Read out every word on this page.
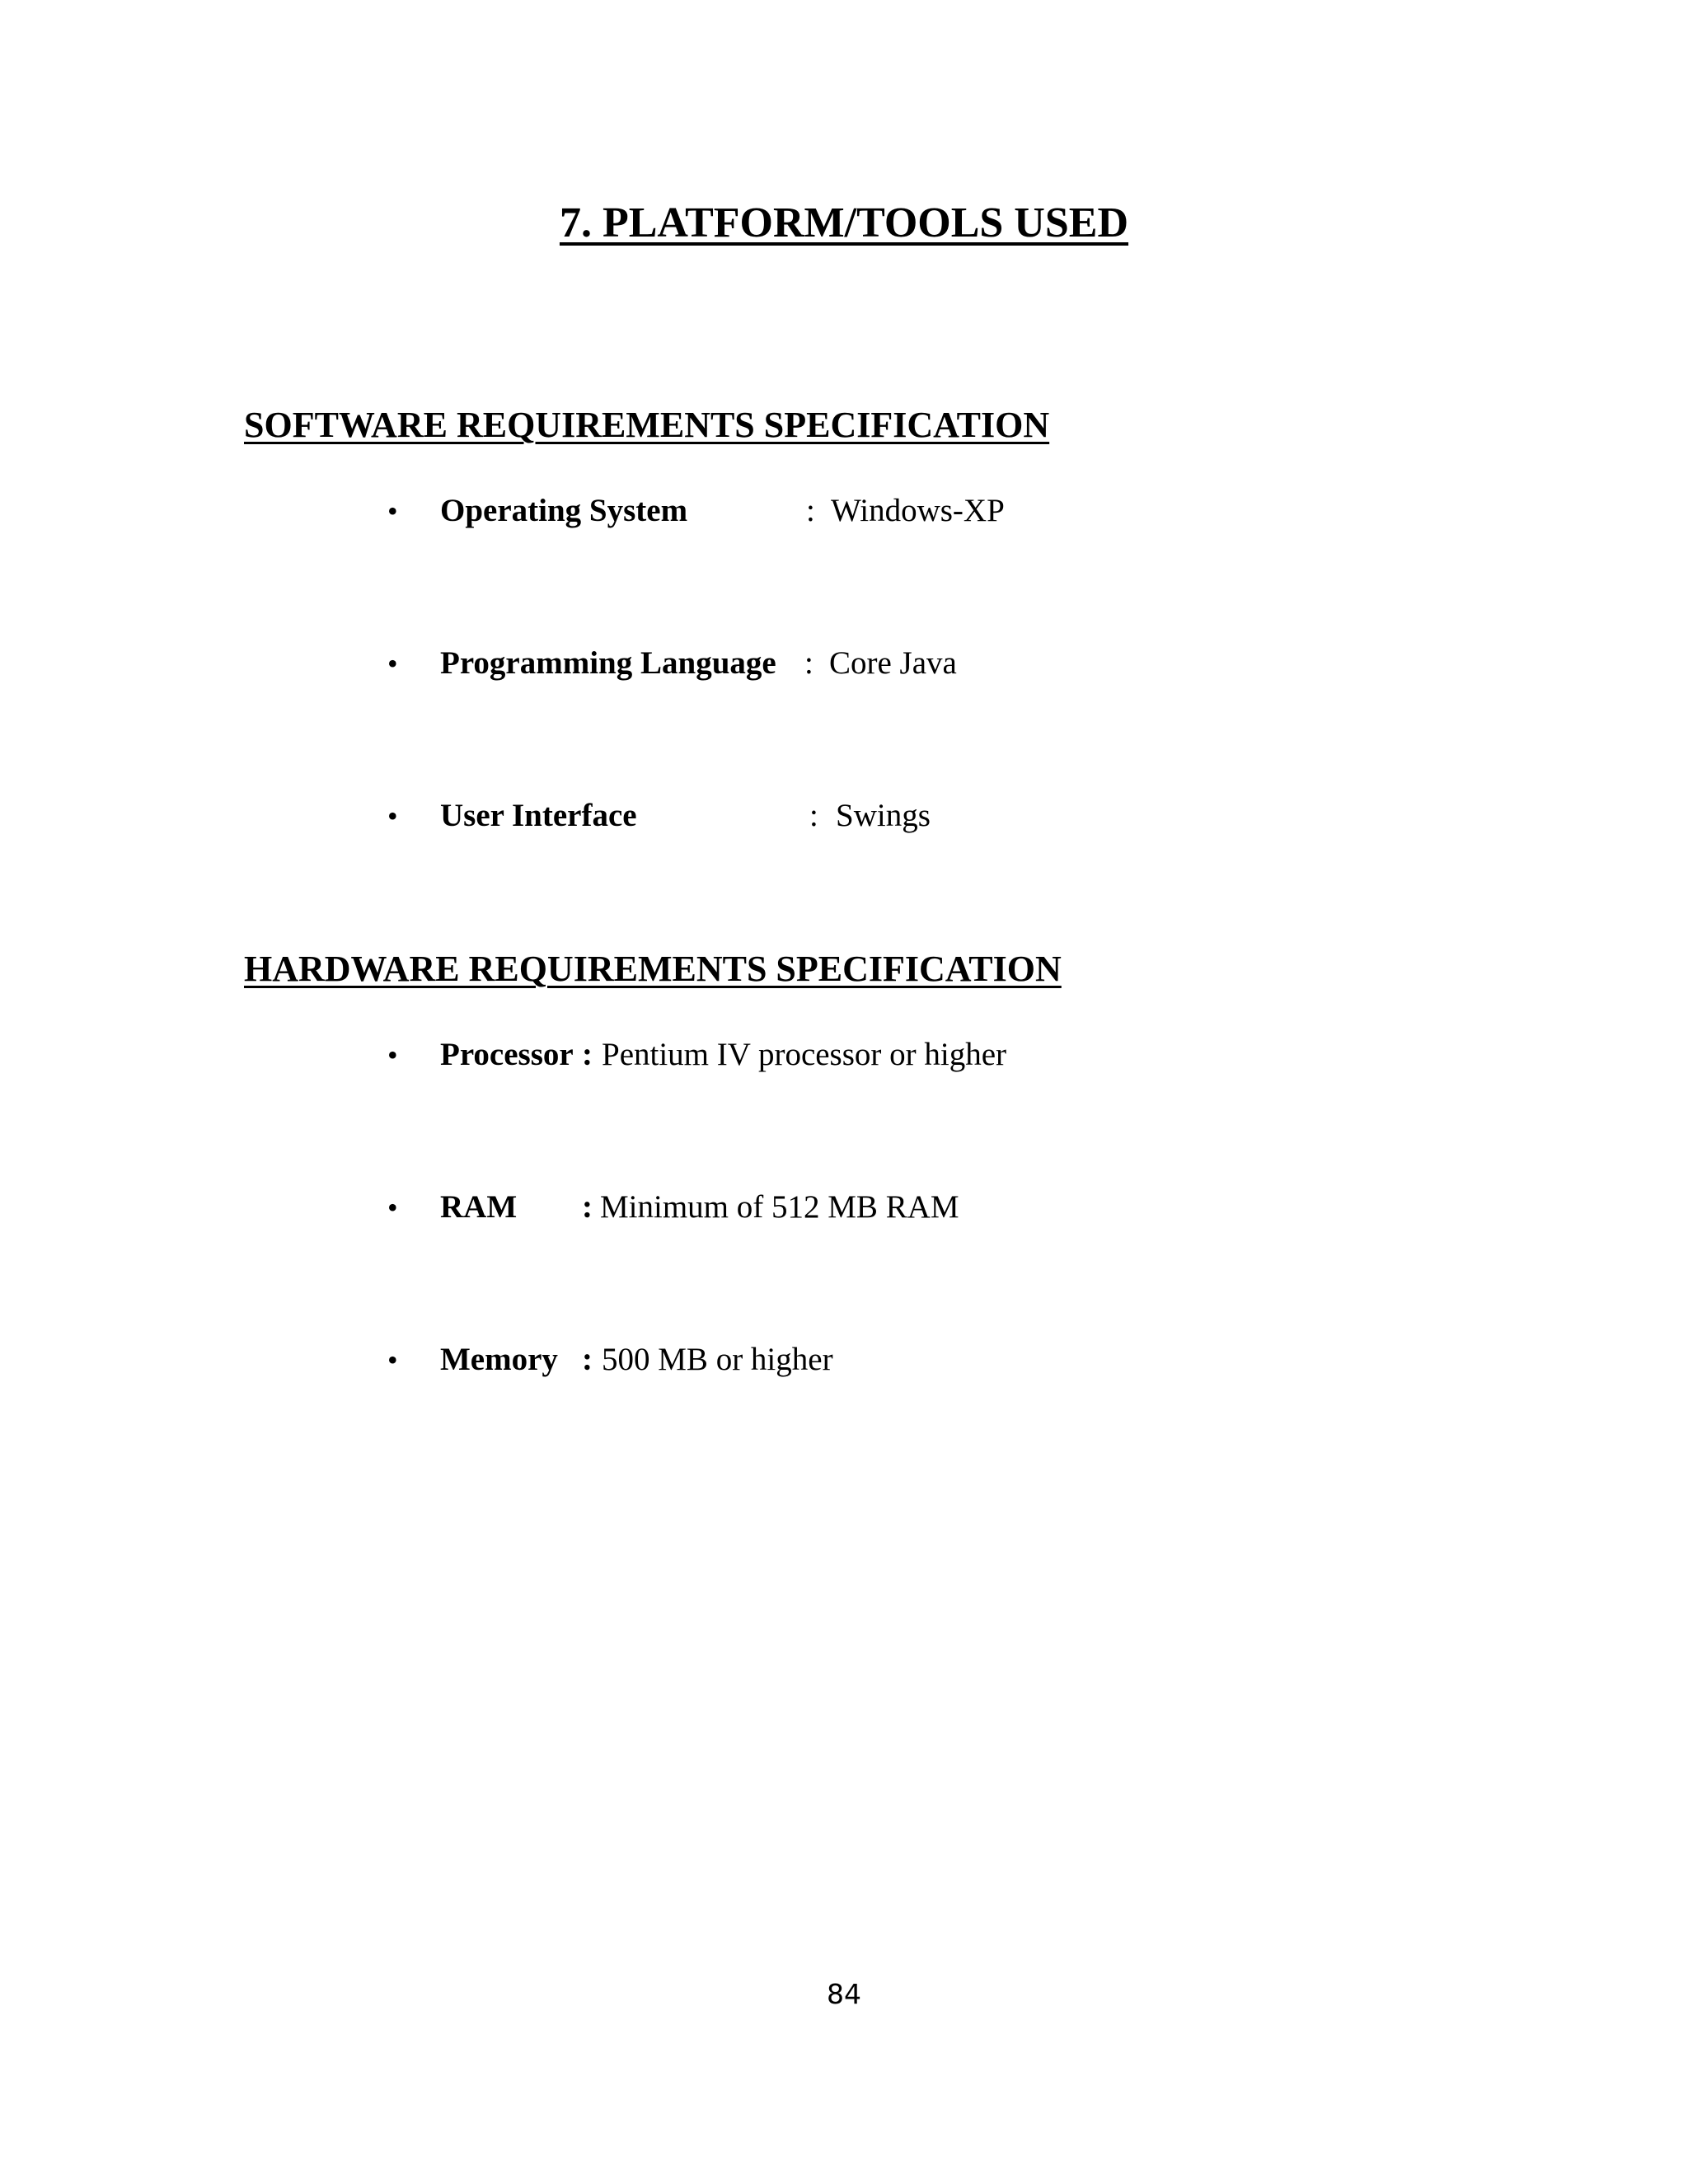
7. PLATFORM/TOOLS USED
SOFTWARE REQUIREMENTS SPECIFICATION
• Operating System	: Windows-XP
• Programming Language : Core Java
• User Interface	: Swings
HARDWARE REQUIREMENTS SPECIFICATION
• Processor : Pentium IV processor or higher
• RAM : Minimum of 512 MB RAM
• Memory : 500 MB or higher
84
